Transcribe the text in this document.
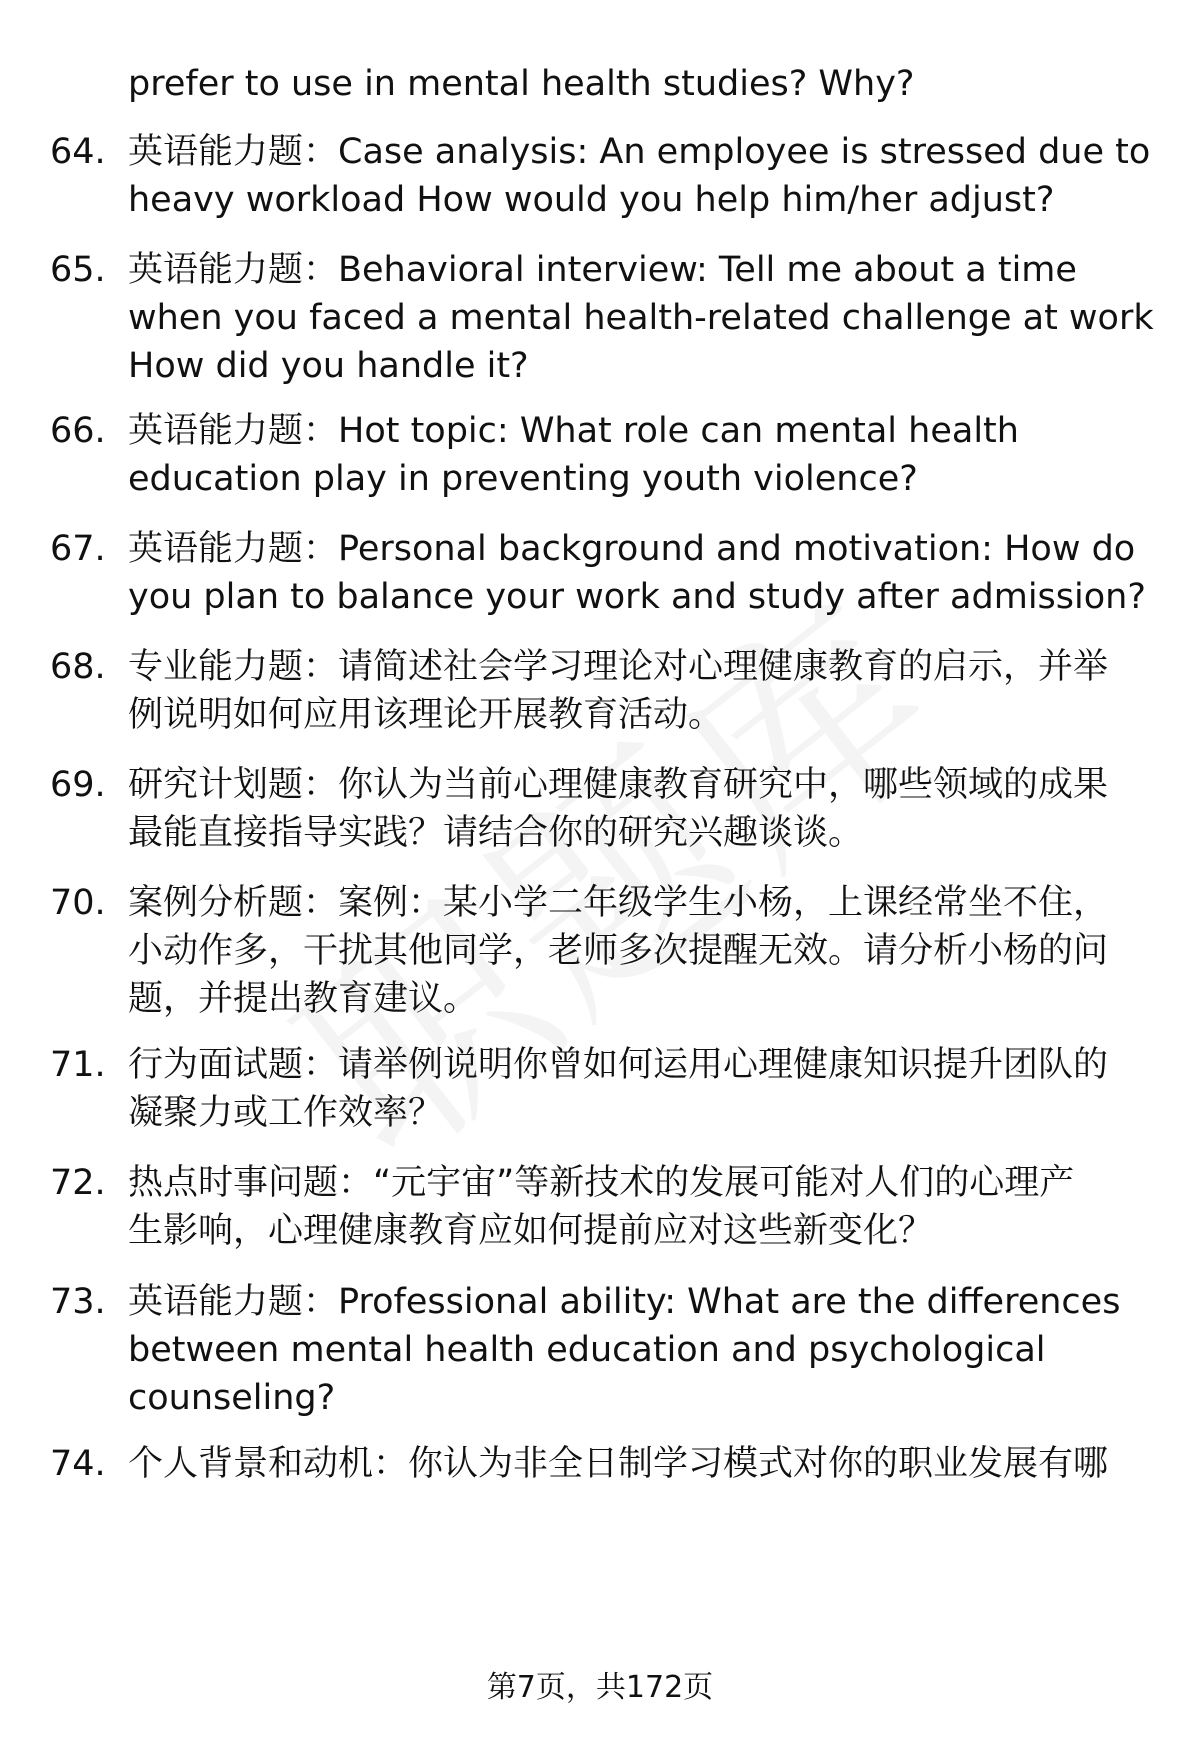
prefer to use in mental health studies? Why?
64. 英语能力题：Case analysis: An employee is stressed due to
heavy workload How would you help him/her adjust?
65. 英语能力题：Behavioral interview: Tell me about a time
when you faced a mental health-related challenge at work
How did you handle it?
66. 英语能力题：Hot topic: What role can mental health
education play in preventing youth violence?
67. 英语能力题：Personal background and motivation: How do
you plan to balance your work and study after admission?
68. 专业能力题：请简述社会学习理论对心理健康教育的启示，并举
例说明如何应用该理论开展教育活动。
69. 研究计划题：你认为当前心理健康教育研究中，哪些领域的成果
最能直接指导实践？请结合你的研究兴趣谈谈。
70. 案例分析题：案例：某小学二年级学生小杨，上课经常坐不住，
小动作多，干扰其他同学，老师多次提醒无效。请分析小杨的问
题，并提出教育建议。
71. 行为面试题：请举例说明你曾如何运用心理健康知识提升团队的
凝聚力或工作效率？
72. 热点时事问题：“元宇宙”等新技术的发展可能对人们的心理产
生影响，心理健康教育应如何提前应对这些新变化？
73. 英语能力题：Professional ability: What are the differences
between mental health education and psychological
counseling?
74. 个人背景和动机：你认为非全日制学习模式对你的职业发展有哪
第7页，共172页
